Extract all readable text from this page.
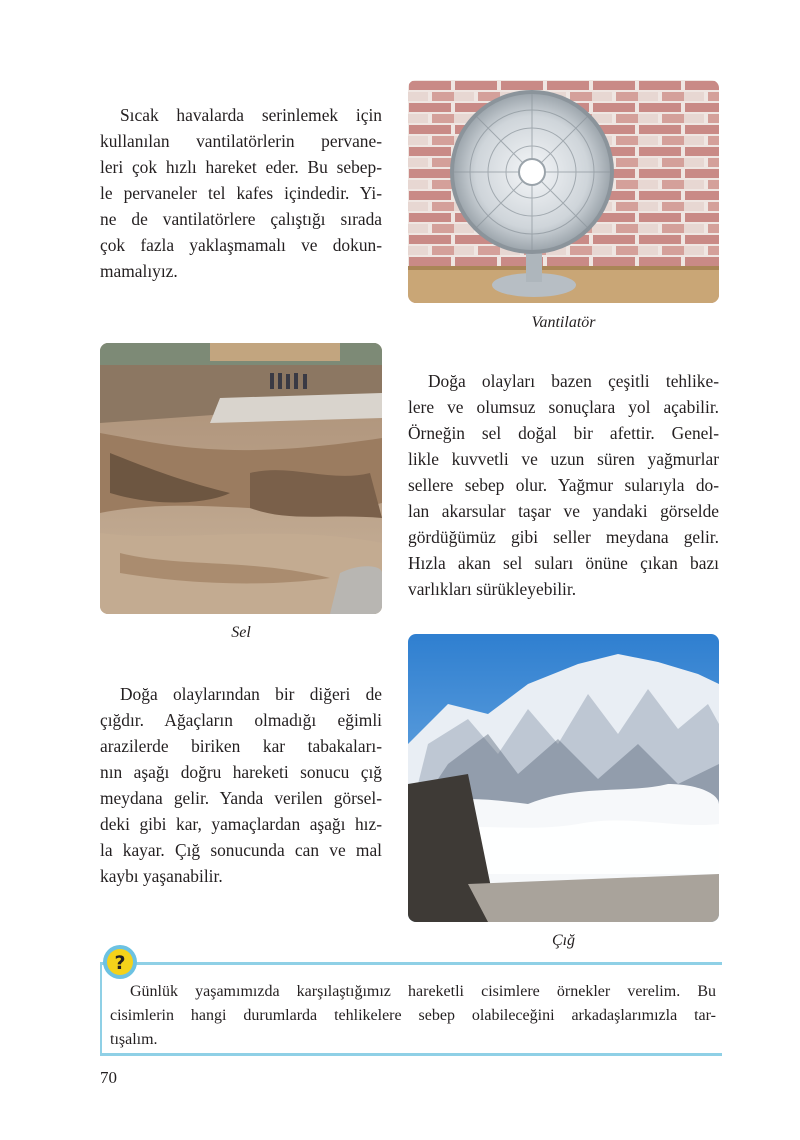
Sıcak havalarda serinlemek için
kullanılan vantilatörlerin pervane-
leri çok hızlı hareket eder. Bu sebep-
le pervaneler tel kafes içindedir. Yi-
ne de vantilatörlere çalıştığı sırada
çok fazla yaklaşmamalı ve dokun-
mamalıyız.

Vantilatör

Sel

Doğa olayları bazen çeşitli tehlike-
lere ve olumsuz sonuçlara yol açabilir.
Örneğin sel doğal bir afettir. Genel-
likle kuvvetli ve uzun süren yağmurlar
sellere sebep olur. Yağmur sularıyla do-
lan akarsular taşar ve yandaki görselde
gördüğümüz gibi seller meydana gelir.
Hızla akan sel suları önüne çıkan bazı
varlıkları sürükleyebilir.

Doğa olaylarından bir diğeri de
çığdır. Ağaçların olmadığı eğimli
arazilerde biriken kar tabakaları-
nın aşağı doğru hareketi sonucu çığ
meydana gelir. Yanda verilen görsel-
deki gibi kar, yamaçlardan aşağı hız-
la kayar. Çığ sonucunda can ve mal
kaybı yaşanabilir.

Çığ

?

Günlük yaşamımızda karşılaştığımız hareketli cisimlere örnekler verelim. Bu
cisimlerin hangi durumlarda tehlikelere sebep olabileceğini arkadaşlarımızla tar-
tışalım.

70
